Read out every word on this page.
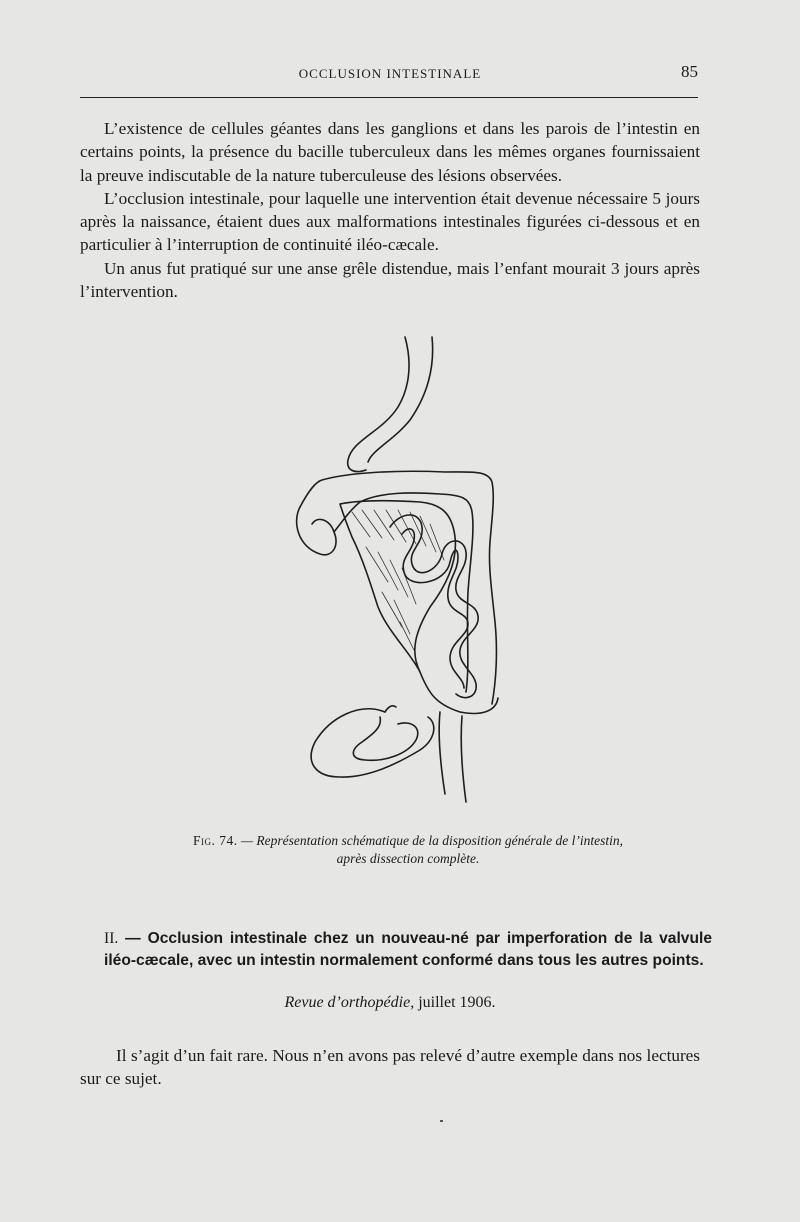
OCCLUSION INTESTINALE	85

L’existence de cellules géantes dans les ganglions et dans les parois de l’intestin en certains points, la présence du bacille tuberculeux dans les mêmes organes fournissaient la preuve indiscutable de la nature tuberculeuse des lésions observées.

L’occlusion intestinale, pour laquelle une intervention était devenue nécessaire 5 jours après la naissance, étaient dues aux malformations intestinales figurées ci-dessous et en particulier à l’interruption de continuité iléo-cæcale.

Un anus fut pratiqué sur une anse grêle distendue, mais l’enfant mourait 3 jours après l’intervention.

Fig. 74. — Représentation schématique de la disposition générale de l’intestin,
après dissection complète.
II. — Occlusion intestinale chez un nouveau-né par imperforation de la valvule iléo-cæcale, avec un intestin normalement conformé dans tous les autres points.
Revue d’orthopédie, juillet 1906.

Il s’agit d’un fait rare. Nous n’en avons pas relevé d’autre exemple dans nos lectures sur ce sujet.
